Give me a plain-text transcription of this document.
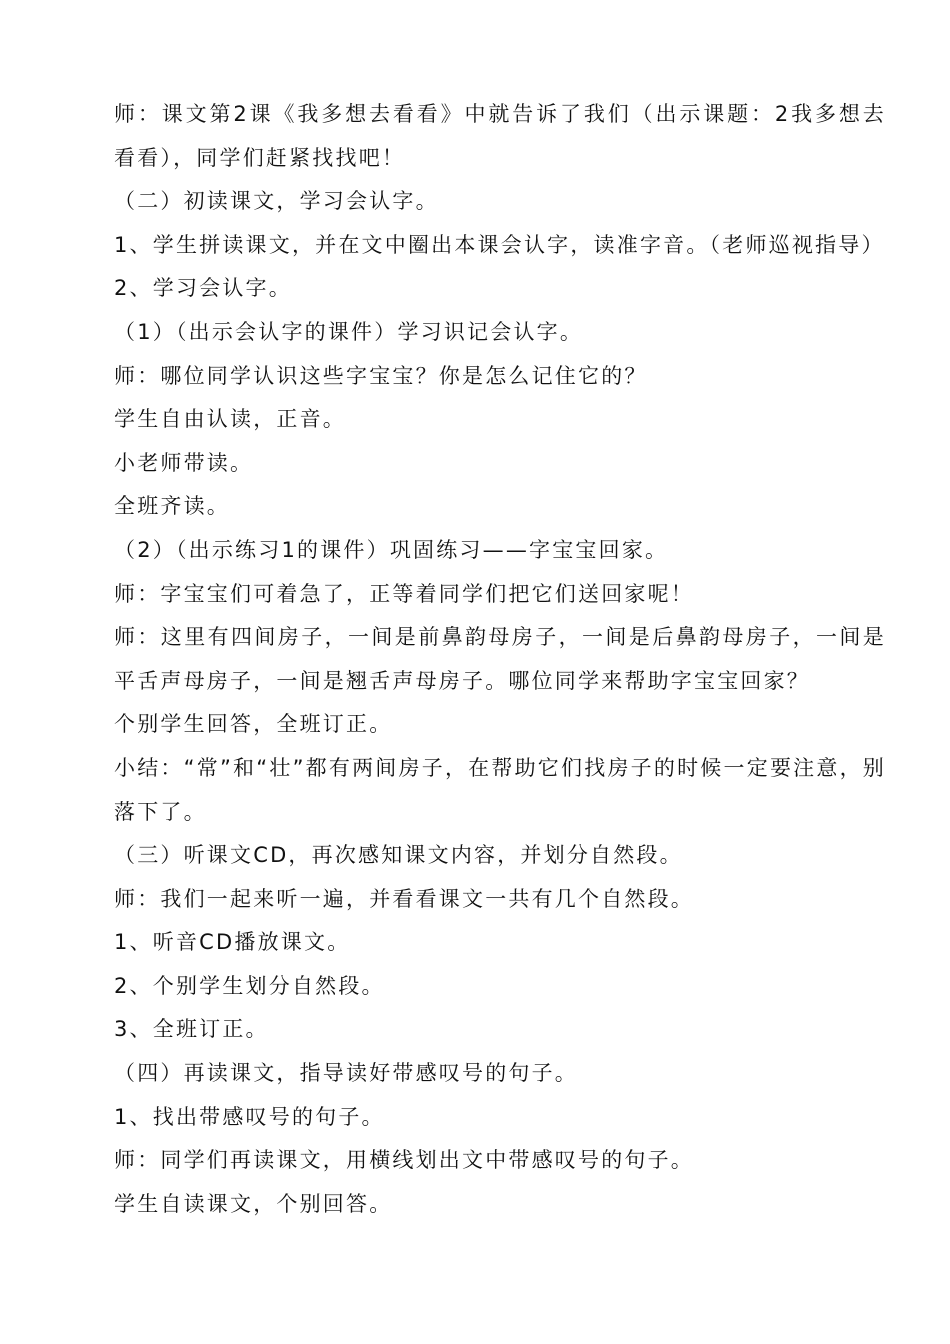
师：课文第2课《我多想去看看》中就告诉了我们（出示课题：2我多想去看看），同学们赶紧找找吧！

（二）初读课文，学习会认字。

1、学生拼读课文，并在文中圈出本课会认字，读准字音。（老师巡视指导）

2、学习会认字。

（1）（出示会认字的课件）学习识记会认字。

师：哪位同学认识这些字宝宝？你是怎么记住它的？

学生自由认读，正音。

小老师带读。

全班齐读。

（2）（出示练习1的课件）巩固练习——字宝宝回家。

师：字宝宝们可着急了，正等着同学们把它们送回家呢！

师：这里有四间房子，一间是前鼻韵母房子，一间是后鼻韵母房子，一间是平舌声母房子，一间是翘舌声母房子。哪位同学来帮助字宝宝回家？

个别学生回答，全班订正。

小结：“常”和“壮”都有两间房子，在帮助它们找房子的时候一定要注意，别落下了。

（三）听课文CD，再次感知课文内容，并划分自然段。

师：我们一起来听一遍，并看看课文一共有几个自然段。

1、听音CD播放课文。

2、个别学生划分自然段。

3、全班订正。

（四）再读课文，指导读好带感叹号的句子。

1、找出带感叹号的句子。

师：同学们再读课文，用横线划出文中带感叹号的句子。

学生自读课文，个别回答。
